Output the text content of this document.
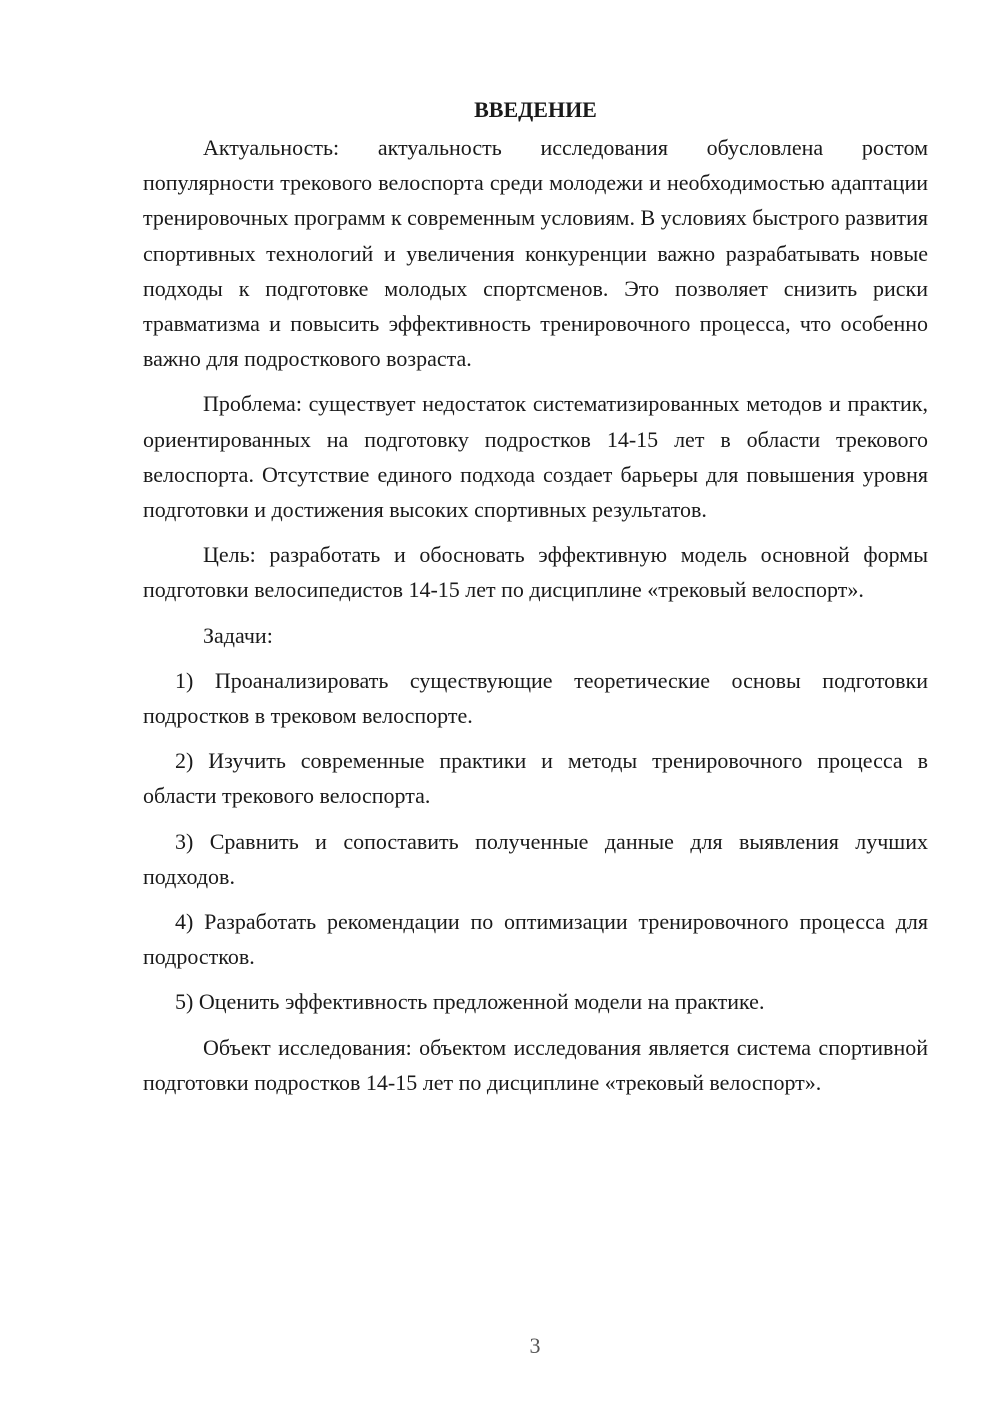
ВВЕДЕНИЕ

Актуальность: актуальность исследования обусловлена ростом популярности трекового велоспорта среди молодежи и необходимостью адаптации тренировочных программ к современным условиям. В условиях быстрого развития спортивных технологий и увеличения конкуренции важно разрабатывать новые подходы к подготовке молодых спортсменов. Это позволяет снизить риски травматизма и повысить эффективность тренировочного процесса, что особенно важно для подросткового возраста.

Проблема: существует недостаток систематизированных методов и практик, ориентированных на подготовку подростков 14-15 лет в области трекового велоспорта. Отсутствие единого подхода создает барьеры для повышения уровня подготовки и достижения высоких спортивных результатов.

Цель: разработать и обосновать эффективную модель основной формы подготовки велосипедистов 14-15 лет по дисциплине «трековый велоспорт».

Задачи:

1) Проанализировать существующие теоретические основы подготовки подростков в трековом велоспорте.

2) Изучить современные практики и методы тренировочного процесса в области трекового велоспорта.

3) Сравнить и сопоставить полученные данные для выявления лучших подходов.

4) Разработать рекомендации по оптимизации тренировочного процесса для подростков.

5) Оценить эффективность предложенной модели на практике.

Объект исследования: объектом исследования является система спортивной подготовки подростков 14-15 лет по дисциплине «трековый велоспорт».

3
